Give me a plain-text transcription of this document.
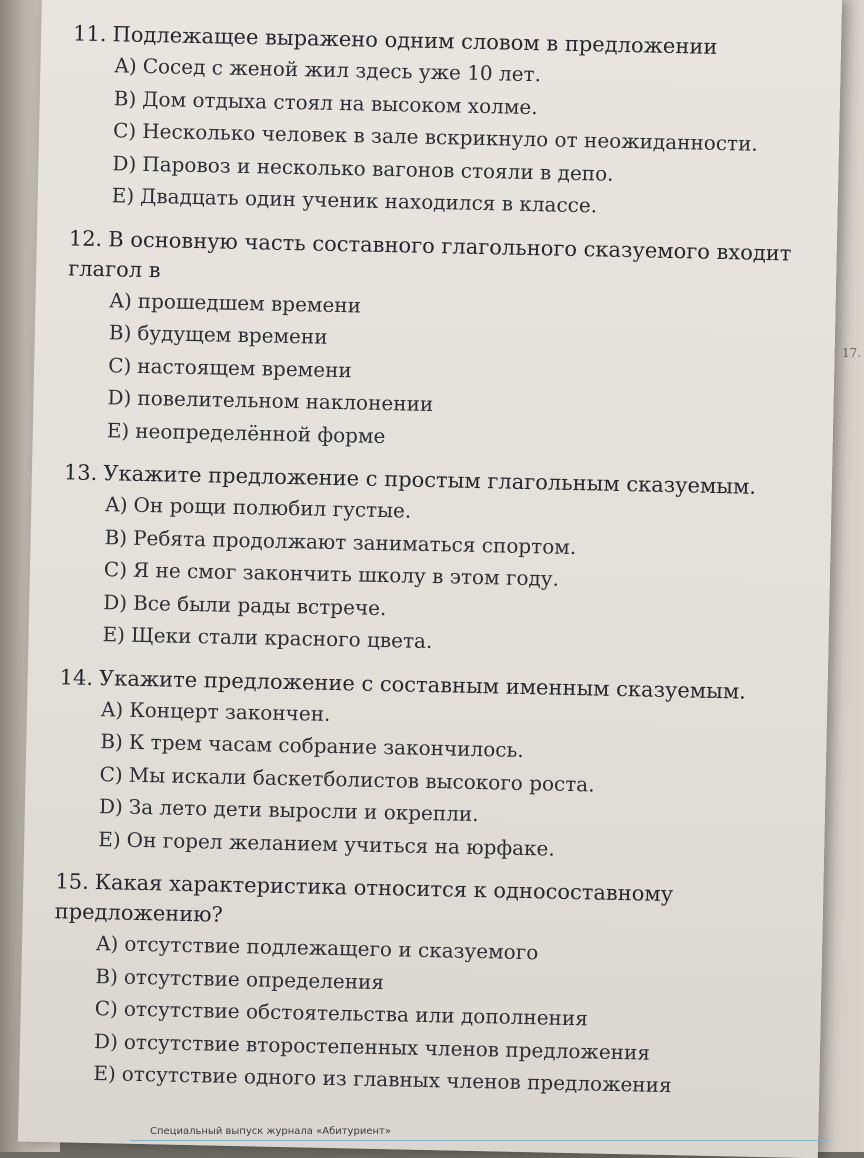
17.

11. Подлежащее выражено одним словом в предложении

A) Сосед с женой жил здесь уже 10 лет.
B) Дом отдыха стоял на высоком холме.
C) Несколько человек в зале вскрикнуло от неожиданности.
D) Паровоз и несколько вагонов стояли в депо.
E) Двадцать один ученик находился в классе.

12. В основную часть составного глагольного сказуемого входит глагол в

A) прошедшем времени
B) будущем времени
C) настоящем времени
D) повелительном наклонении
E) неопределённой форме

13. Укажите предложение с простым глагольным сказуемым.

A) Он рощи полюбил густые.
B) Ребята продолжают заниматься спортом.
C) Я не смог закончить школу в этом году.
D) Все были рады встрече.
E) Щеки стали красного цвета.

14. Укажите предложение с составным именным сказуемым.

A) Концерт закончен.
B) К трем часам собрание закончилось.
C) Мы искали баскетболистов высокого роста.
D) За лето дети выросли и окрепли.
E) Он горел желанием учиться на юрфаке.

15. Какая характеристика относится к односоставному предложению?

A) отсутствие подлежащего и сказуемого
B) отсутствие определения
C) отсутствие обстоятельства или дополнения
D) отсутствие второстепенных членов предложения
E) отсутствие одного из главных членов предложения
Специальный выпуск журнала «Абитуриент»
